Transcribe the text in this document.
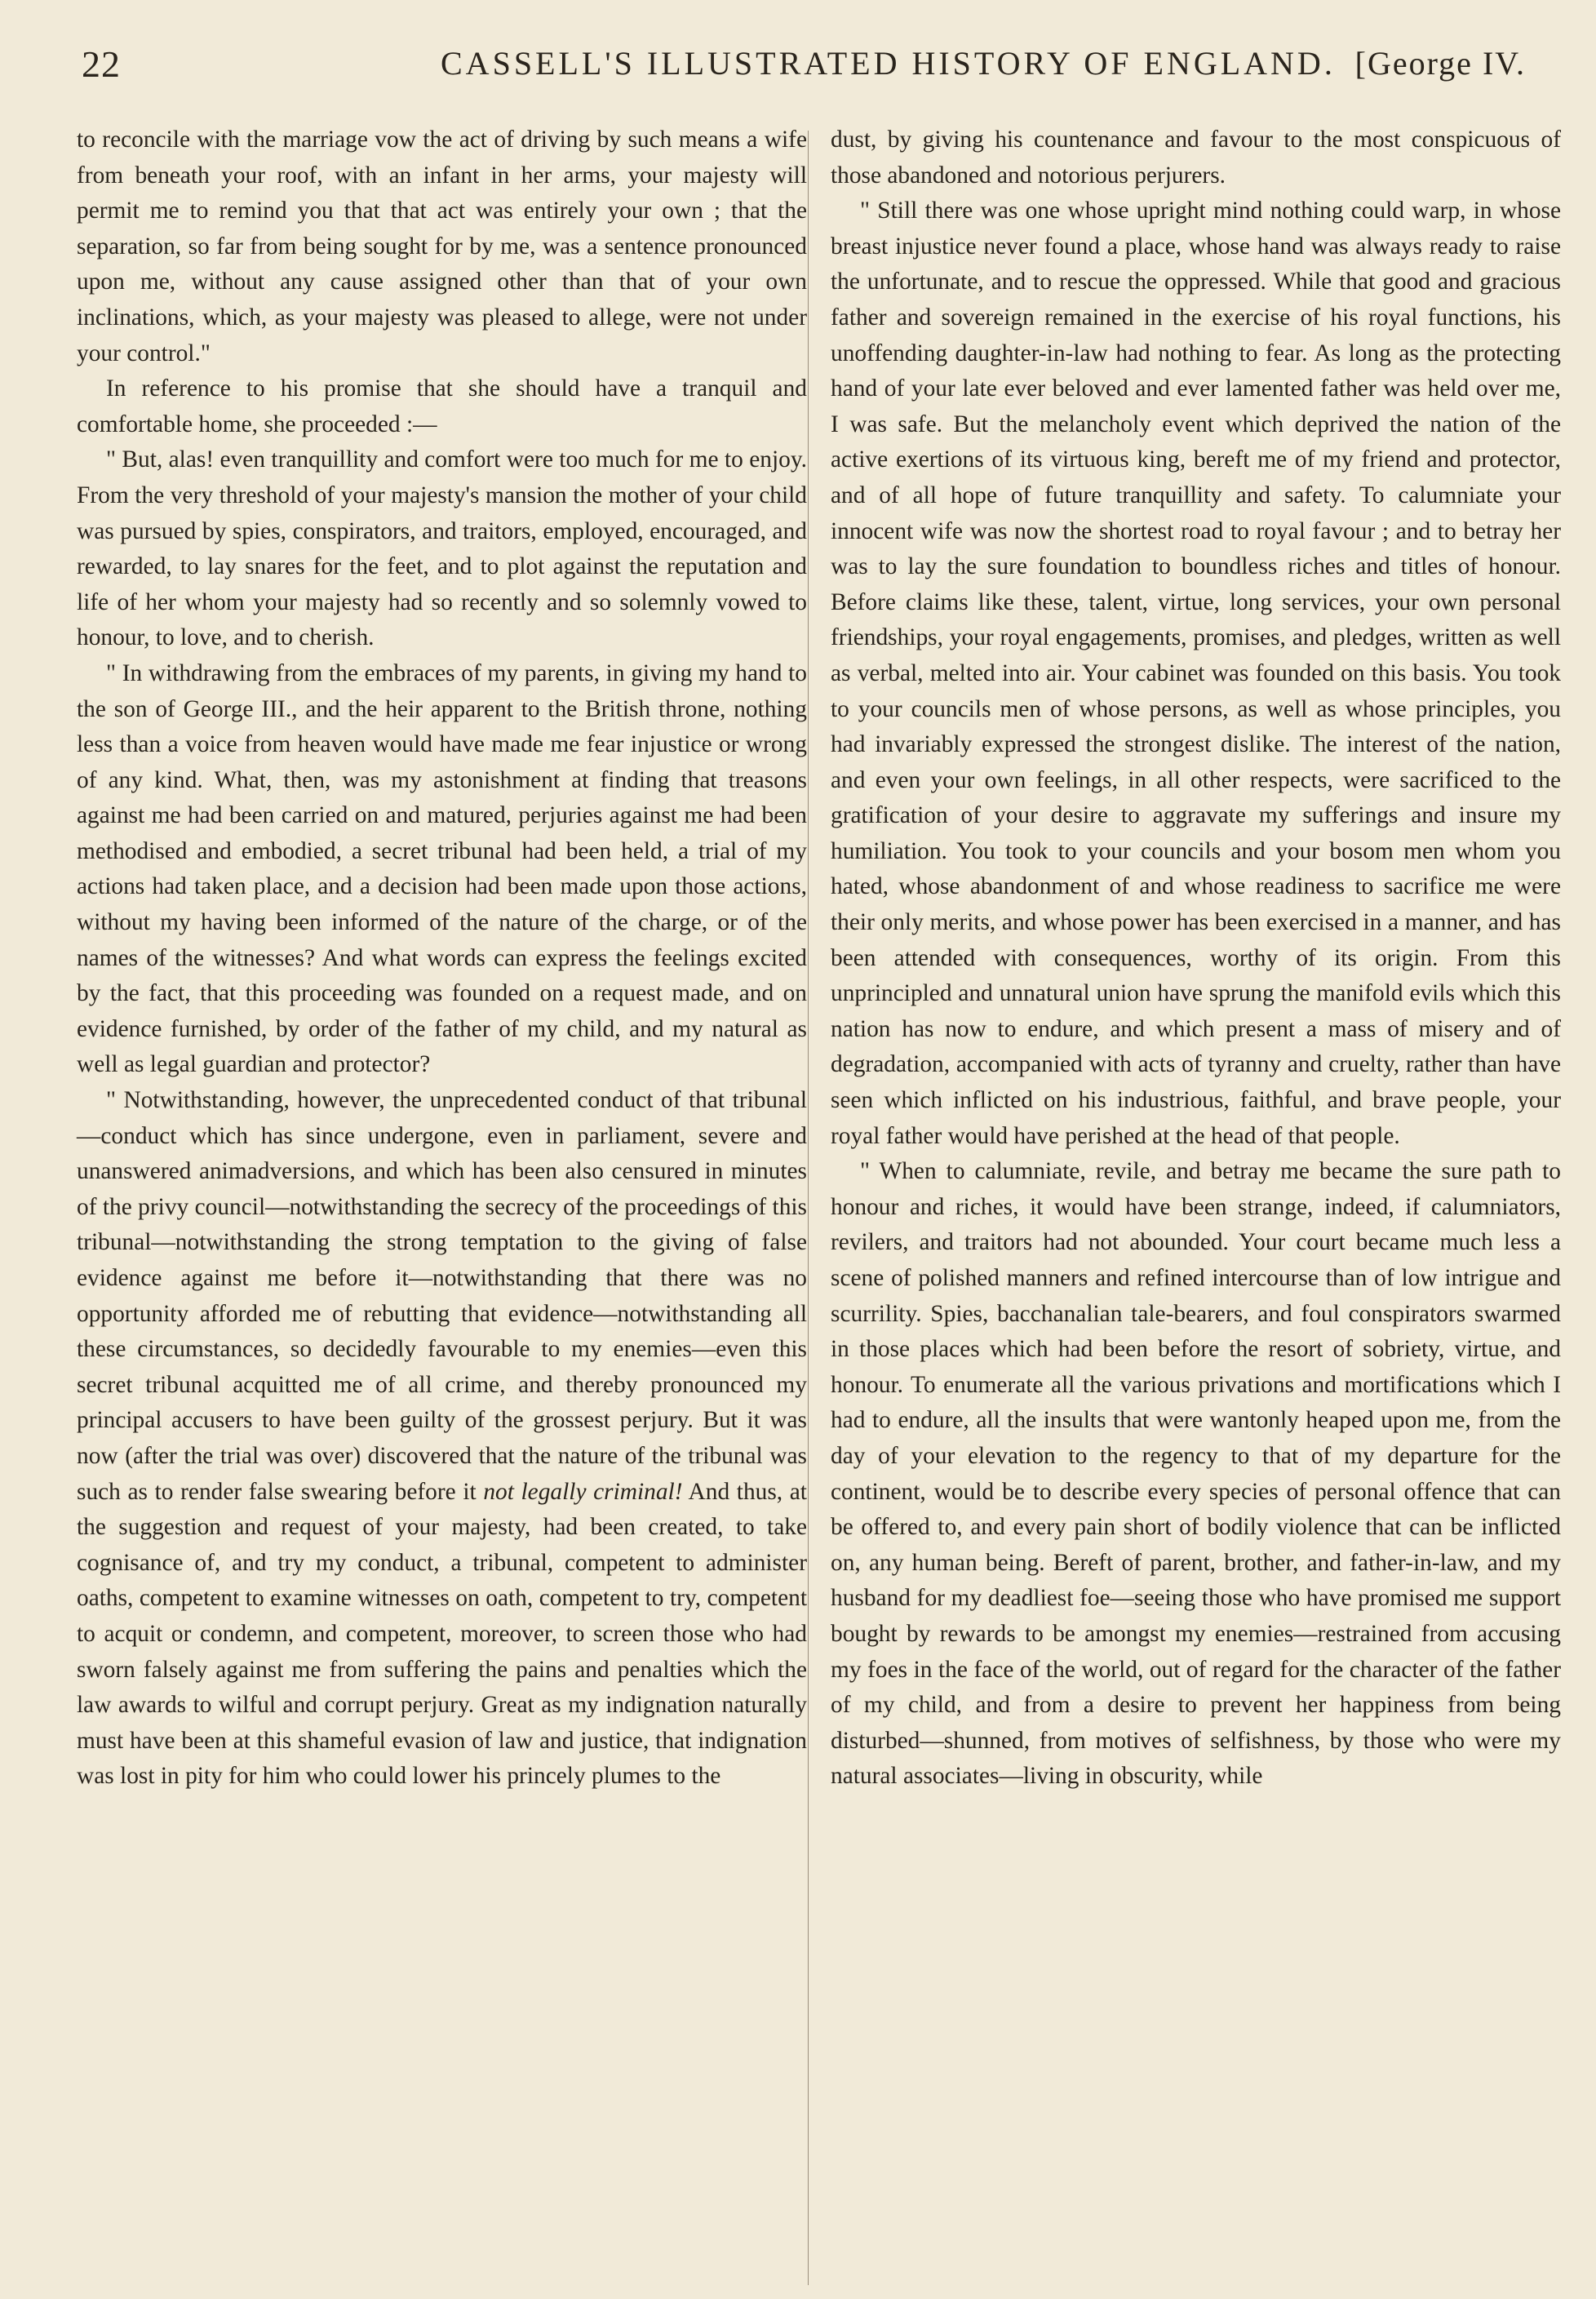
22	CASSELL'S ILLUSTRATED HISTORY OF ENGLAND. [George IV.

to reconcile with the marriage vow the act of driving by such means a wife from beneath your roof, with an infant in her arms, your majesty will permit me to remind you that that act was entirely your own ; that the separation, so far from being sought for by me, was a sentence pronounced upon me, without any cause assigned other than that of your own inclinations, which, as your majesty was pleased to allege, were not under your control."

In reference to his promise that she should have a tranquil and comfortable home, she proceeded :—

" But, alas! even tranquillity and comfort were too much for me to enjoy. From the very threshold of your majesty's mansion the mother of your child was pursued by spies, conspirators, and traitors, employed, encouraged, and rewarded, to lay snares for the feet, and to plot against the reputation and life of her whom your majesty had so recently and so solemnly vowed to honour, to love, and to cherish.

" In withdrawing from the embraces of my parents, in giving my hand to the son of George III., and the heir apparent to the British throne, nothing less than a voice from heaven would have made me fear injustice or wrong of any kind. What, then, was my astonishment at finding that treasons against me had been carried on and matured, perjuries against me had been methodised and embodied, a secret tribunal had been held, a trial of my actions had taken place, and a decision had been made upon those actions, without my having been informed of the nature of the charge, or of the names of the witnesses? And what words can express the feelings excited by the fact, that this proceeding was founded on a request made, and on evidence furnished, by order of the father of my child, and my natural as well as legal guardian and protector?

" Notwithstanding, however, the unprecedented conduct of that tribunal—conduct which has since undergone, even in parliament, severe and unanswered animadversions, and which has been also censured in minutes of the privy council—notwithstanding the secrecy of the proceedings of this tribunal—notwithstanding the strong temptation to the giving of false evidence against me before it—notwithstanding that there was no opportunity afforded me of rebutting that evidence—notwithstanding all these circumstances, so decidedly favourable to my enemies—even this secret tribunal acquitted me of all crime, and thereby pronounced my principal accusers to have been guilty of the grossest perjury. But it was now (after the trial was over) discovered that the nature of the tribunal was such as to render false swearing before it not legally criminal! And thus, at the suggestion and request of your majesty, had been created, to take cognisance of, and try my conduct, a tribunal, competent to administer oaths, competent to examine witnesses on oath, competent to try, competent to acquit or condemn, and competent, moreover, to screen those who had sworn falsely against me from suffering the pains and penalties which the law awards to wilful and corrupt perjury. Great as my indignation naturally must have been at this shameful evasion of law and justice, that indignation was lost in pity for him who could lower his princely plumes to the

dust, by giving his countenance and favour to the most conspicuous of those abandoned and notorious perjurers.

" Still there was one whose upright mind nothing could warp, in whose breast injustice never found a place, whose hand was always ready to raise the unfortunate, and to rescue the oppressed. While that good and gracious father and sovereign remained in the exercise of his royal functions, his unoffending daughter-in-law had nothing to fear. As long as the protecting hand of your late ever beloved and ever lamented father was held over me, I was safe. But the melancholy event which deprived the nation of the active exertions of its virtuous king, bereft me of my friend and protector, and of all hope of future tranquillity and safety. To calumniate your innocent wife was now the shortest road to royal favour ; and to betray her was to lay the sure foundation to boundless riches and titles of honour. Before claims like these, talent, virtue, long services, your own personal friendships, your royal engagements, promises, and pledges, written as well as verbal, melted into air. Your cabinet was founded on this basis. You took to your councils men of whose persons, as well as whose principles, you had invariably expressed the strongest dislike. The interest of the nation, and even your own feelings, in all other respects, were sacrificed to the gratification of your desire to aggravate my sufferings and insure my humiliation. You took to your councils and your bosom men whom you hated, whose abandonment of and whose readiness to sacrifice me were their only merits, and whose power has been exercised in a manner, and has been attended with consequences, worthy of its origin. From this unprincipled and unnatural union have sprung the manifold evils which this nation has now to endure, and which present a mass of misery and of degradation, accompanied with acts of tyranny and cruelty, rather than have seen which inflicted on his industrious, faithful, and brave people, your royal father would have perished at the head of that people.

" When to calumniate, revile, and betray me became the sure path to honour and riches, it would have been strange, indeed, if calumniators, revilers, and traitors had not abounded. Your court became much less a scene of polished manners and refined intercourse than of low intrigue and scurrility. Spies, bacchanalian tale-bearers, and foul conspirators swarmed in those places which had been before the resort of sobriety, virtue, and honour. To enumerate all the various privations and mortifications which I had to endure, all the insults that were wantonly heaped upon me, from the day of your elevation to the regency to that of my departure for the continent, would be to describe every species of personal offence that can be offered to, and every pain short of bodily violence that can be inflicted on, any human being. Bereft of parent, brother, and father-in-law, and my husband for my deadliest foe—seeing those who have promised me support bought by rewards to be amongst my enemies—restrained from accusing my foes in the face of the world, out of regard for the character of the father of my child, and from a desire to prevent her happiness from being disturbed—shunned, from motives of selfishness, by those who were my natural associates—living in obscurity, while
